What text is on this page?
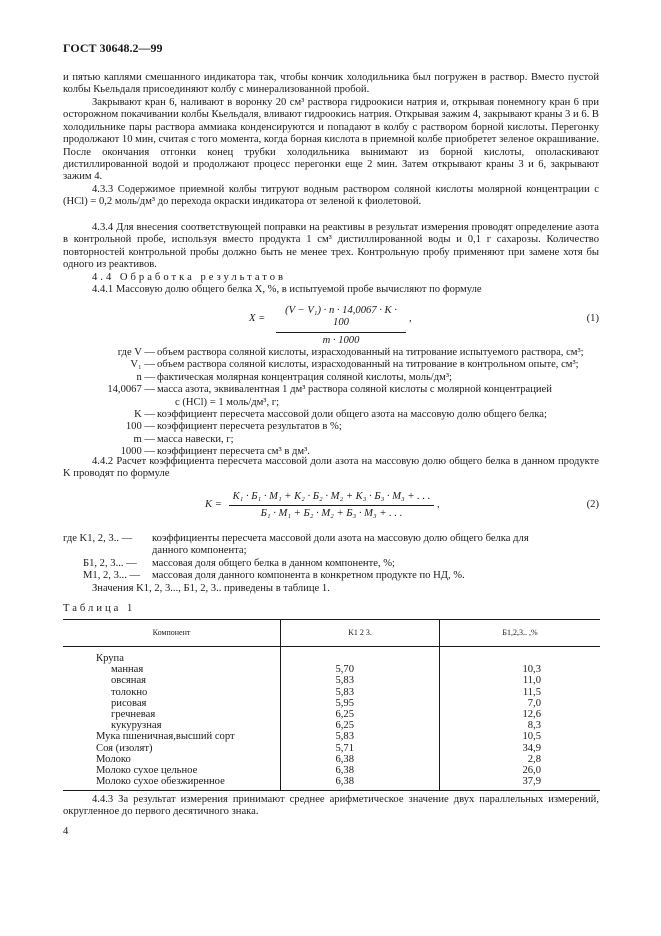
ГОСТ 30648.2—99
и пятью каплями смешанного индикатора так, чтобы кончик холодильника был погружен в раствор. Вместо пустой колбы Кьельдаля присоединяют колбу с минерализованной пробой.
Закрывают кран 6, наливают в воронку 20 см³ раствора гидроокиси натрия и, открывая понемногу кран 6 при осторожном покачивании колбы Кьельдаля, вливают гидроокись натрия. Открывая зажим 4, закрывают краны 3 и 6. В холодильнике пары раствора аммиака конденсируются и попадают в колбу с раствором борной кислоты. Перегонку продолжают 10 мин, считая с того момента, когда борная кислота в приемной колбе приобретет зеленое окрашивание. После окончания отгонки конец трубки холодильника вынимают из борной кислоты, ополаскивают дистиллированной водой и продолжают процесс перегонки еще 2 мин. Затем открывают краны 3 и 6, закрывают зажим 4.
4.3.3 Содержимое приемной колбы титруют водным раствором соляной кислоты молярной концентрации c (HCl) = 0,2 моль/дм³ до перехода окраски индикатора от зеленой к фиолетовой.
4.3.4 Для внесения соответствующей поправки на реактивы в результат измерения проводят определение азота в контрольной пробе, используя вместо продукта 1 см³ дистиллированной воды и 0,1 г сахарозы. Количество повторностей контрольной пробы должно быть не менее трех. Контрольную пробу применяют при замене хотя бы одного из реактивов.
4.4 Обработка результатов
4.4.1 Массовую долю общего белка X, %, в испытуемой пробе вычисляют по формуле
$X = \frac{\text{(V − V₁) · n · 14,0067 · K · 100}}{m \cdot 1000}$ ,	(1)
где V — объем раствора соляной кислоты, израсходованный на титрование испытуемого раствора, см³;
V₁ — объем раствора соляной кислоты, израсходованный на титрование в контрольном опыте, см³;
n — фактическая молярная концентрация соляной кислоты, моль/дм³;
14,0067 — масса азота, эквивалентная 1 дм³ раствора соляной кислоты с молярной концентрацией
c (HCl) = 1 моль/дм³, г;
K — коэффициент пересчета массовой доли общего азота на массовую долю общего белка;
100 — коэффициент пересчета результатов в %;
m — масса навески, г;
1000 — коэффициент пересчета см³ в дм³.
4.4.2 Расчет коэффициента пересчета массовой доли азота на массовую долю общего белка в данном продукте K проводят по формуле
K =
K₁ · Б₁ · M₁ + K₂ · Б₂ · M₂ + K₃ · Б₃ · M₃ + . . .
Б₁ · M₁ + Б₂ · M₂ + Б₃ · M₃ + . . .
,	(2)
где K1, 2, 3.. — коэффициенты пересчета массовой доли азота на массовую долю общего белка для
данного компонента;
Б1, 2, 3... — массовая доля общего белка в данном компоненте, %;
M1, 2, 3... — массовая доля данного компонента в конкретном продукте по НД, %.
Значения K1, 2, 3..., Б1, 2, 3.. приведены в таблице 1.
Таблица 1
Компонент	K1 2 3.	Б1,2,3.. ,%
Крупа		
манная	5,70	10,3
овсяная	5,83	11,0
толокно	5,83	11,5
рисовая	5,95	7,0
гречневая	6,25	12,6
кукурузная	6,25	8,3
Мука пшеничная,высший сорт	5,83	10,5
Соя (изолят)	5,71	34,9
Молоко	6,38	2,8
Молоко сухое цельное	6,38	26,0
Молоко сухое обезжиренное	6,38	37,9
4.4.3 За результат измерения принимают среднее арифметическое значение двух параллельных измерений, округленное до первого десятичного знака.
4
